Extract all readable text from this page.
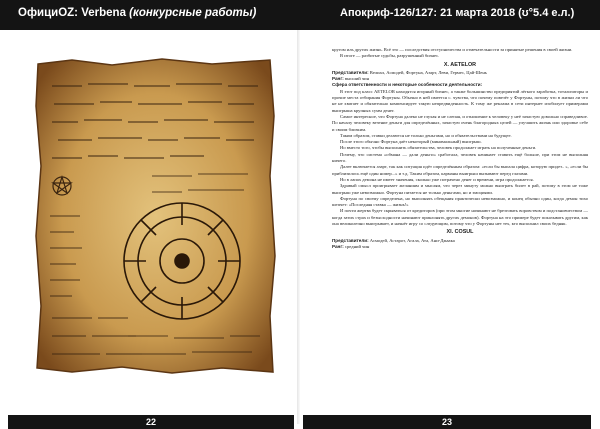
ОфициОZ: Verbena (конкурсные работы)	Апокриф-126/127: 21 марта 2018 (ʊ°5.4 е.л.)
22	23

кругом иль других жизнь. Всё это — последствия отступничества и отмечательности за принятые решения в своей жизни.

В итоге — разбитые судьбы, разрушенный бизнес.

X. AETELOR

Представители: Велиал, Асмодей, Фортуна, Азарт, Леви, Гермес, Цай-Шень

Ранг: высший чин

Сфера ответственности и некоторые особенности деятельности:

В этот под класс AETELOR находятся игорный бизнес, а также большинство предприятий лёгкого заработка, тотализаторы и прочие места отбирания Фортуны. Обычно в ней имеется с. чувства, что почему повезёт у Фортуны, потому что в жизни ли что не не хватает и обязательно компенсирует такую непредвиденность. К тому же реклама в сети интернет изобилует примерами выигрыша крупных сумм денег.

Самое интересное, что Фортуна далеко не глухая и не слепая, и отношение к человеку у неё зачастую довольно справедливое. По началу человеку везение деньги для определённых, зачастую очень благородных целей — улучшить жизнь или здоровье себе и своим близким.

Таким образом, ставки делаются не только деньгами, но и обязательствами на будущее.

После этого обычно Фортуна даёт некоторый (минимальный) выигрыш.

Но вместо того, чтобы выполнить обязательства, человек продолжает играть на полученные деньги.

Почему, что система «обмана — дали деньги» сработала, человек начинает ставить ещё больше, при этом не выполняя ничего.

Далее включается азарт, так как ситуация идёт определённым образом: «если бы выпала цифра, которую придет.. », «если бы приблизилось ещё один номер...» и т.д. Таким образом, карманы выигрыш вызывают перед глазами.

Но в лапах демона не имеет значения, сколько уже потрачено денег и времени, игра продолжается.

Здравый смысл проигрывает желаниям и мыслям, что через минуту можно выиграть билет в рай, потому в этом не тоже выигрыш уже невозможно. Фортуна питается не только деньгами, но и эмоциями.

Фортуна по своему определена, но выполнять обещания практически невозможно, и конец обычно один, когда демон тихо шепчет: «Последняя ставка — жизнь!»

И почти жертва будет скрываться от кредиторов (при этом многие начинают не брезговать воровством и подстановчеством — когда затих страх и безысходности начинают приклонять других демонов). Фортуна на это примере будет показывать другим, как она великолепно выигрывает, и начнёт игру со следующим, потому что у Фортуны нет тех, кто выполнил своих бедняк.

XI. COSUL

Представители: Асмодей, Астарот, Агала, Ата, Ани-Джаака

Ранг: средний чин
